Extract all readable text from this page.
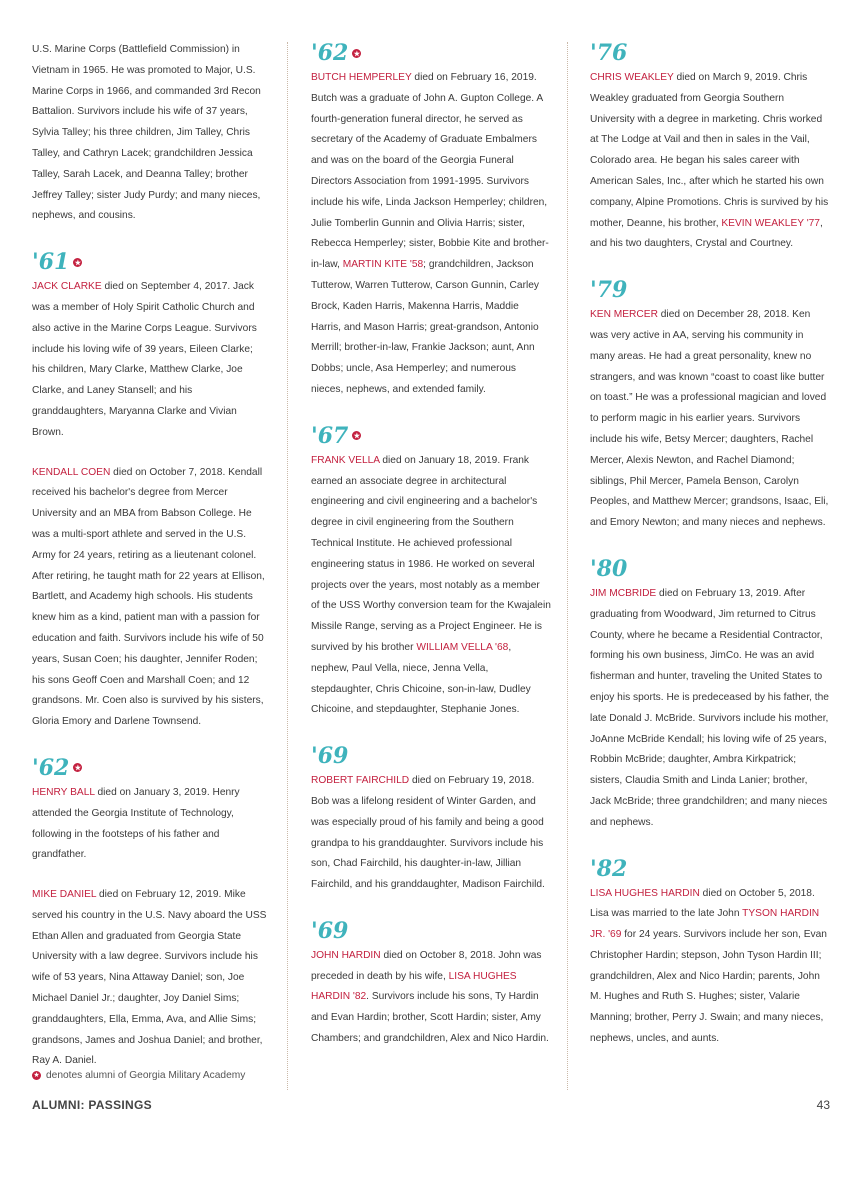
U.S. Marine Corps (Battlefield Commission) in Vietnam in 1965. He was promoted to Major, U.S. Marine Corps in 1966, and commanded 3rd Recon Battalion. Survivors include his wife of 37 years, Sylvia Talley; his three children, Jim Talley, Chris Talley, and Cathryn Lacek; grandchildren Jessica Talley, Sarah Lacek, and Deanna Talley; brother Jeffrey Talley; sister Judy Purdy; and many nieces, nephews, and cousins.

'61 ★

JACK CLARKE died on September 4, 2017. Jack was a member of Holy Spirit Catholic Church and also active in the Marine Corps League. Survivors include his loving wife of 39 years, Eileen Clarke; his children, Mary Clarke, Matthew Clarke, Joe Clarke, and Laney Stansell; and his granddaughters, Maryanna Clarke and Vivian Brown.

KENDALL COEN died on October 7, 2018. Kendall received his bachelor's degree from Mercer University and an MBA from Babson College. He was a multi-sport athlete and served in the U.S. Army for 24 years, retiring as a lieutenant colonel. After retiring, he taught math for 22 years at Ellison, Bartlett, and Academy high schools. His students knew him as a kind, patient man with a passion for education and faith. Survivors include his wife of 50 years, Susan Coen; his daughter, Jennifer Roden; his sons Geoff Coen and Marshall Coen; and 12 grandsons. Mr. Coen also is survived by his sisters, Gloria Emory and Darlene Townsend.

'62 ★

HENRY BALL died on January 3, 2019. Henry attended the Georgia Institute of Technology, following in the footsteps of his father and grandfather.

MIKE DANIEL died on February 12, 2019. Mike served his country in the U.S. Navy aboard the USS Ethan Allen and graduated from Georgia State University with a law degree. Survivors include his wife of 53 years, Nina Attaway Daniel; son, Joe Michael Daniel Jr.; daughter, Joy Daniel Sims; granddaughters, Ella, Emma, Ava, and Allie Sims; grandsons, James and Joshua Daniel; and brother, Ray A. Daniel.

'62 ★

BUTCH HEMPERLEY died on February 16, 2019. Butch was a graduate of John A. Gupton College. A fourth-generation funeral director, he served as secretary of the Academy of Graduate Embalmers and was on the board of the Georgia Funeral Directors Association from 1991-1995. Survivors include his wife, Linda Jackson Hemperley; children, Julie Tomberlin Gunnin and Olivia Harris; sister, Rebecca Hemperley; sister, Bobbie Kite and brother-in-law, MARTIN KITE '58; grandchildren, Jackson Tutterow, Warren Tutterow, Carson Gunnin, Carley Brock, Kaden Harris, Makenna Harris, Maddie Harris, and Mason Harris; great-grandson, Antonio Merrill; brother-in-law, Frankie Jackson; aunt, Ann Dobbs; uncle, Asa Hemperley; and numerous nieces, nephews, and extended family.

'67 ★

FRANK VELLA died on January 18, 2019. Frank earned an associate degree in architectural engineering and civil engineering and a bachelor's degree in civil engineering from the Southern Technical Institute. He achieved professional engineering status in 1986. He worked on several projects over the years, most notably as a member of the USS Worthy conversion team for the Kwajalein Missile Range, serving as a Project Engineer. He is survived by his brother WILLIAM VELLA '68, nephew, Paul Vella, niece, Jenna Vella, stepdaughter, Chris Chicoine, son-in-law, Dudley Chicoine, and stepdaughter, Stephanie Jones.

'69

ROBERT FAIRCHILD died on February 19, 2018. Bob was a lifelong resident of Winter Garden, and was especially proud of his family and being a good grandpa to his granddaughter. Survivors include his son, Chad Fairchild, his daughter-in-law, Jillian Fairchild, and his granddaughter, Madison Fairchild.

'69

JOHN HARDIN died on October 8, 2018. John was preceded in death by his wife, LISA HUGHES HARDIN '82. Survivors include his sons, Ty Hardin and Evan Hardin; brother, Scott Hardin; sister, Amy Chambers; and grandchildren, Alex and Nico Hardin.

'76

CHRIS WEAKLEY died on March 9, 2019. Chris Weakley graduated from Georgia Southern University with a degree in marketing. Chris worked at The Lodge at Vail and then in sales in the Vail, Colorado area. He began his sales career with American Sales, Inc., after which he started his own company, Alpine Promotions. Chris is survived by his mother, Deanne, his brother, KEVIN WEAKLEY '77, and his two daughters, Crystal and Courtney.

'79

KEN MERCER died on December 28, 2018. Ken was very active in AA, serving his community in many areas. He had a great personality, knew no strangers, and was known “coast to coast like butter on toast.” He was a professional magician and loved to perform magic in his earlier years. Survivors include his wife, Betsy Mercer; daughters, Rachel Mercer, Alexis Newton, and Rachel Diamond; siblings, Phil Mercer, Pamela Benson, Carolyn Peoples, and Matthew Mercer; grandsons, Isaac, Eli, and Emory Newton; and many nieces and nephews.

'80

JIM MCBRIDE died on February 13, 2019. After graduating from Woodward, Jim returned to Citrus County, where he became a Residential Contractor, forming his own business, JimCo. He was an avid fisherman and hunter, traveling the United States to enjoy his sports. He is predeceased by his father, the late Donald J. McBride. Survivors include his mother, JoAnne McBride Kendall; his loving wife of 25 years, Robbin McBride; daughter, Ambra Kirkpatrick; sisters, Claudia Smith and Linda Lanier; brother, Jack McBride; three grandchildren; and many nieces and nephews.

'82

LISA HUGHES HARDIN died on October 5, 2018. Lisa was married to the late John TYSON HARDIN JR. '69 for 24 years. Survivors include her son, Evan Christopher Hardin; stepson, John Tyson Hardin III; grandchildren, Alex and Nico Hardin; parents, John M. Hughes and Ruth S. Hughes; sister, Valarie Manning; brother, Perry J. Swain; and many nieces, nephews, uncles, and aunts.

★ denotes alumni of Georgia Military Academy
ALUMNI: PASSINGS	43
